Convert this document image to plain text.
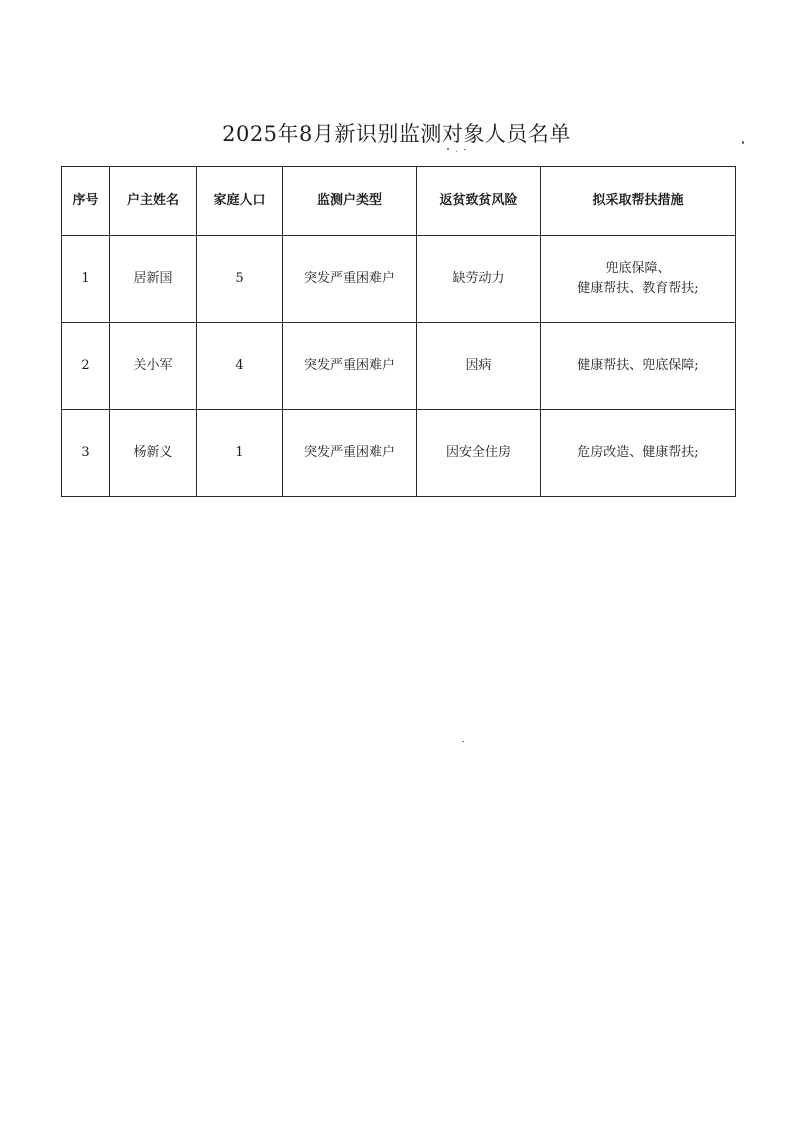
2025年8月新识别监测对象人员名单
序号	户主姓名	家庭人口	监测户类型	返贫致贫风险	拟采取帮扶措施
1	居新国	5	突发严重困难户	缺劳动力	兜底保障、
健康帮扶、教育帮扶;

2	关小军	4	突发严重困难户	因病	健康帮扶、兜底保障;

3	杨新义	1	突发严重困难户	因安全住房	危房改造、健康帮扶;
